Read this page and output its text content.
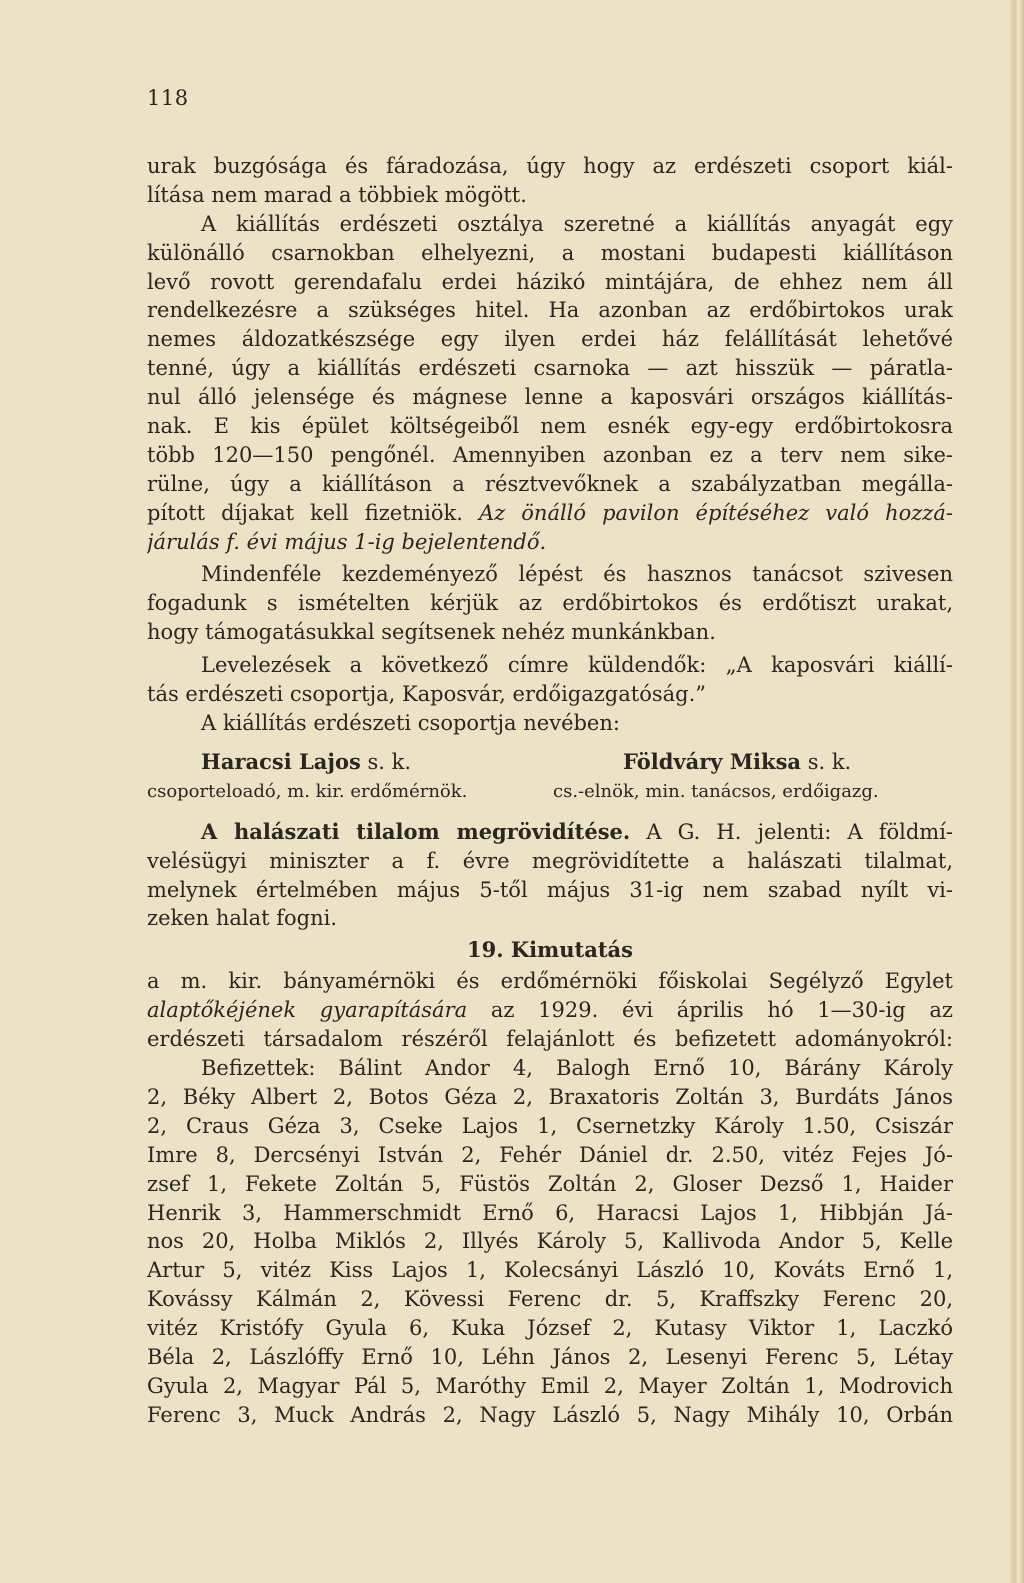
118
urak buzgósága és fáradozása, úgy hogy az erdészeti csoport kiál-
lítása nem marad a többiek mögött.
A kiállítás erdészeti osztálya szeretné a kiállítás anyagát egy
különálló csarnokban elhelyezni, a mostani budapesti kiállításon
levő rovott gerendafalu erdei házikó mintájára, de ehhez nem áll
rendelkezésre a szükséges hitel. Ha azonban az erdőbirtokos urak
nemes áldozatkészsége egy ilyen erdei ház felállítását lehetővé
tenné, úgy a kiállítás erdészeti csarnoka — azt hisszük — páratla-
nul álló jelensége és mágnese lenne a kaposvári országos kiállítás-
nak. E kis épület költségeiből nem esnék egy-egy erdőbirtokosra
több 120—150 pengőnél. Amennyiben azonban ez a terv nem sike-
rülne, úgy a kiállításon a résztvevőknek a szabályzatban megálla-
pított díjakat kell fizetniök. Az önálló pavilon építéséhez való hozzá-
járulás f. évi május 1-ig bejelentendő.
Mindenféle kezdeményező lépést és hasznos tanácsot szivesen
fogadunk s ismételten kérjük az erdőbirtokos és erdőtiszt urakat,
hogy támogatásukkal segítsenek nehéz munkánkban.
Levelezések a következő címre küldendők: „A kaposvári kiállí-
tás erdészeti csoportja, Kaposvár, erdőigazgatóság.”
A kiállítás erdészeti csoportja nevében:
Haracsi Lajos s. k.
csoporteloadó, m. kir. erdőmérnök.
Földváry Miksa s. k.
cs.-elnök, min. tanácsos, erdőigazg.
A halászati tilalom megrövidítése. A G. H. jelenti: A földmí-
velésügyi miniszter a f. évre megrövidítette a halászati tilalmat,
melynek értelmében május 5-től május 31-ig nem szabad nyílt vi-
zeken halat fogni.
19. Kimutatás
a m. kir. bányamérnöki és erdőmérnöki főiskolai Segélyző Egylet
alaptőkéjének gyarapítására az 1929. évi április hó 1—30-ig az
erdészeti társadalom részéről felajánlott és befizetett adományokról:
Befizettek: Bálint Andor 4, Balogh Ernő 10, Bárány Károly
2, Béky Albert 2, Botos Géza 2, Braxatoris Zoltán 3, Burdáts János
2, Craus Géza 3, Cseke Lajos 1, Csernetzky Károly 1.50, Csiszár
Imre 8, Dercsényi István 2, Fehér Dániel dr. 2.50, vitéz Fejes Jó-
zsef 1, Fekete Zoltán 5, Füstös Zoltán 2, Gloser Dezső 1, Haider
Henrik 3, Hammerschmidt Ernő 6, Haracsi Lajos 1, Hibbján Já-
nos 20, Holba Miklós 2, Illyés Károly 5, Kallivoda Andor 5, Kelle
Artur 5, vitéz Kiss Lajos 1, Kolecsányi László 10, Kováts Ernő 1,
Kovássy Kálmán 2, Kövessi Ferenc dr. 5, Kraffszky Ferenc 20,
vitéz Kristófy Gyula 6, Kuka József 2, Kutasy Viktor 1, Laczkó
Béla 2, Lászlóffy Ernő 10, Léhn János 2, Lesenyi Ferenc 5, Létay
Gyula 2, Magyar Pál 5, Maróthy Emil 2, Mayer Zoltán 1, Modrovich
Ferenc 3, Muck András 2, Nagy László 5, Nagy Mihály 10, Orbán
